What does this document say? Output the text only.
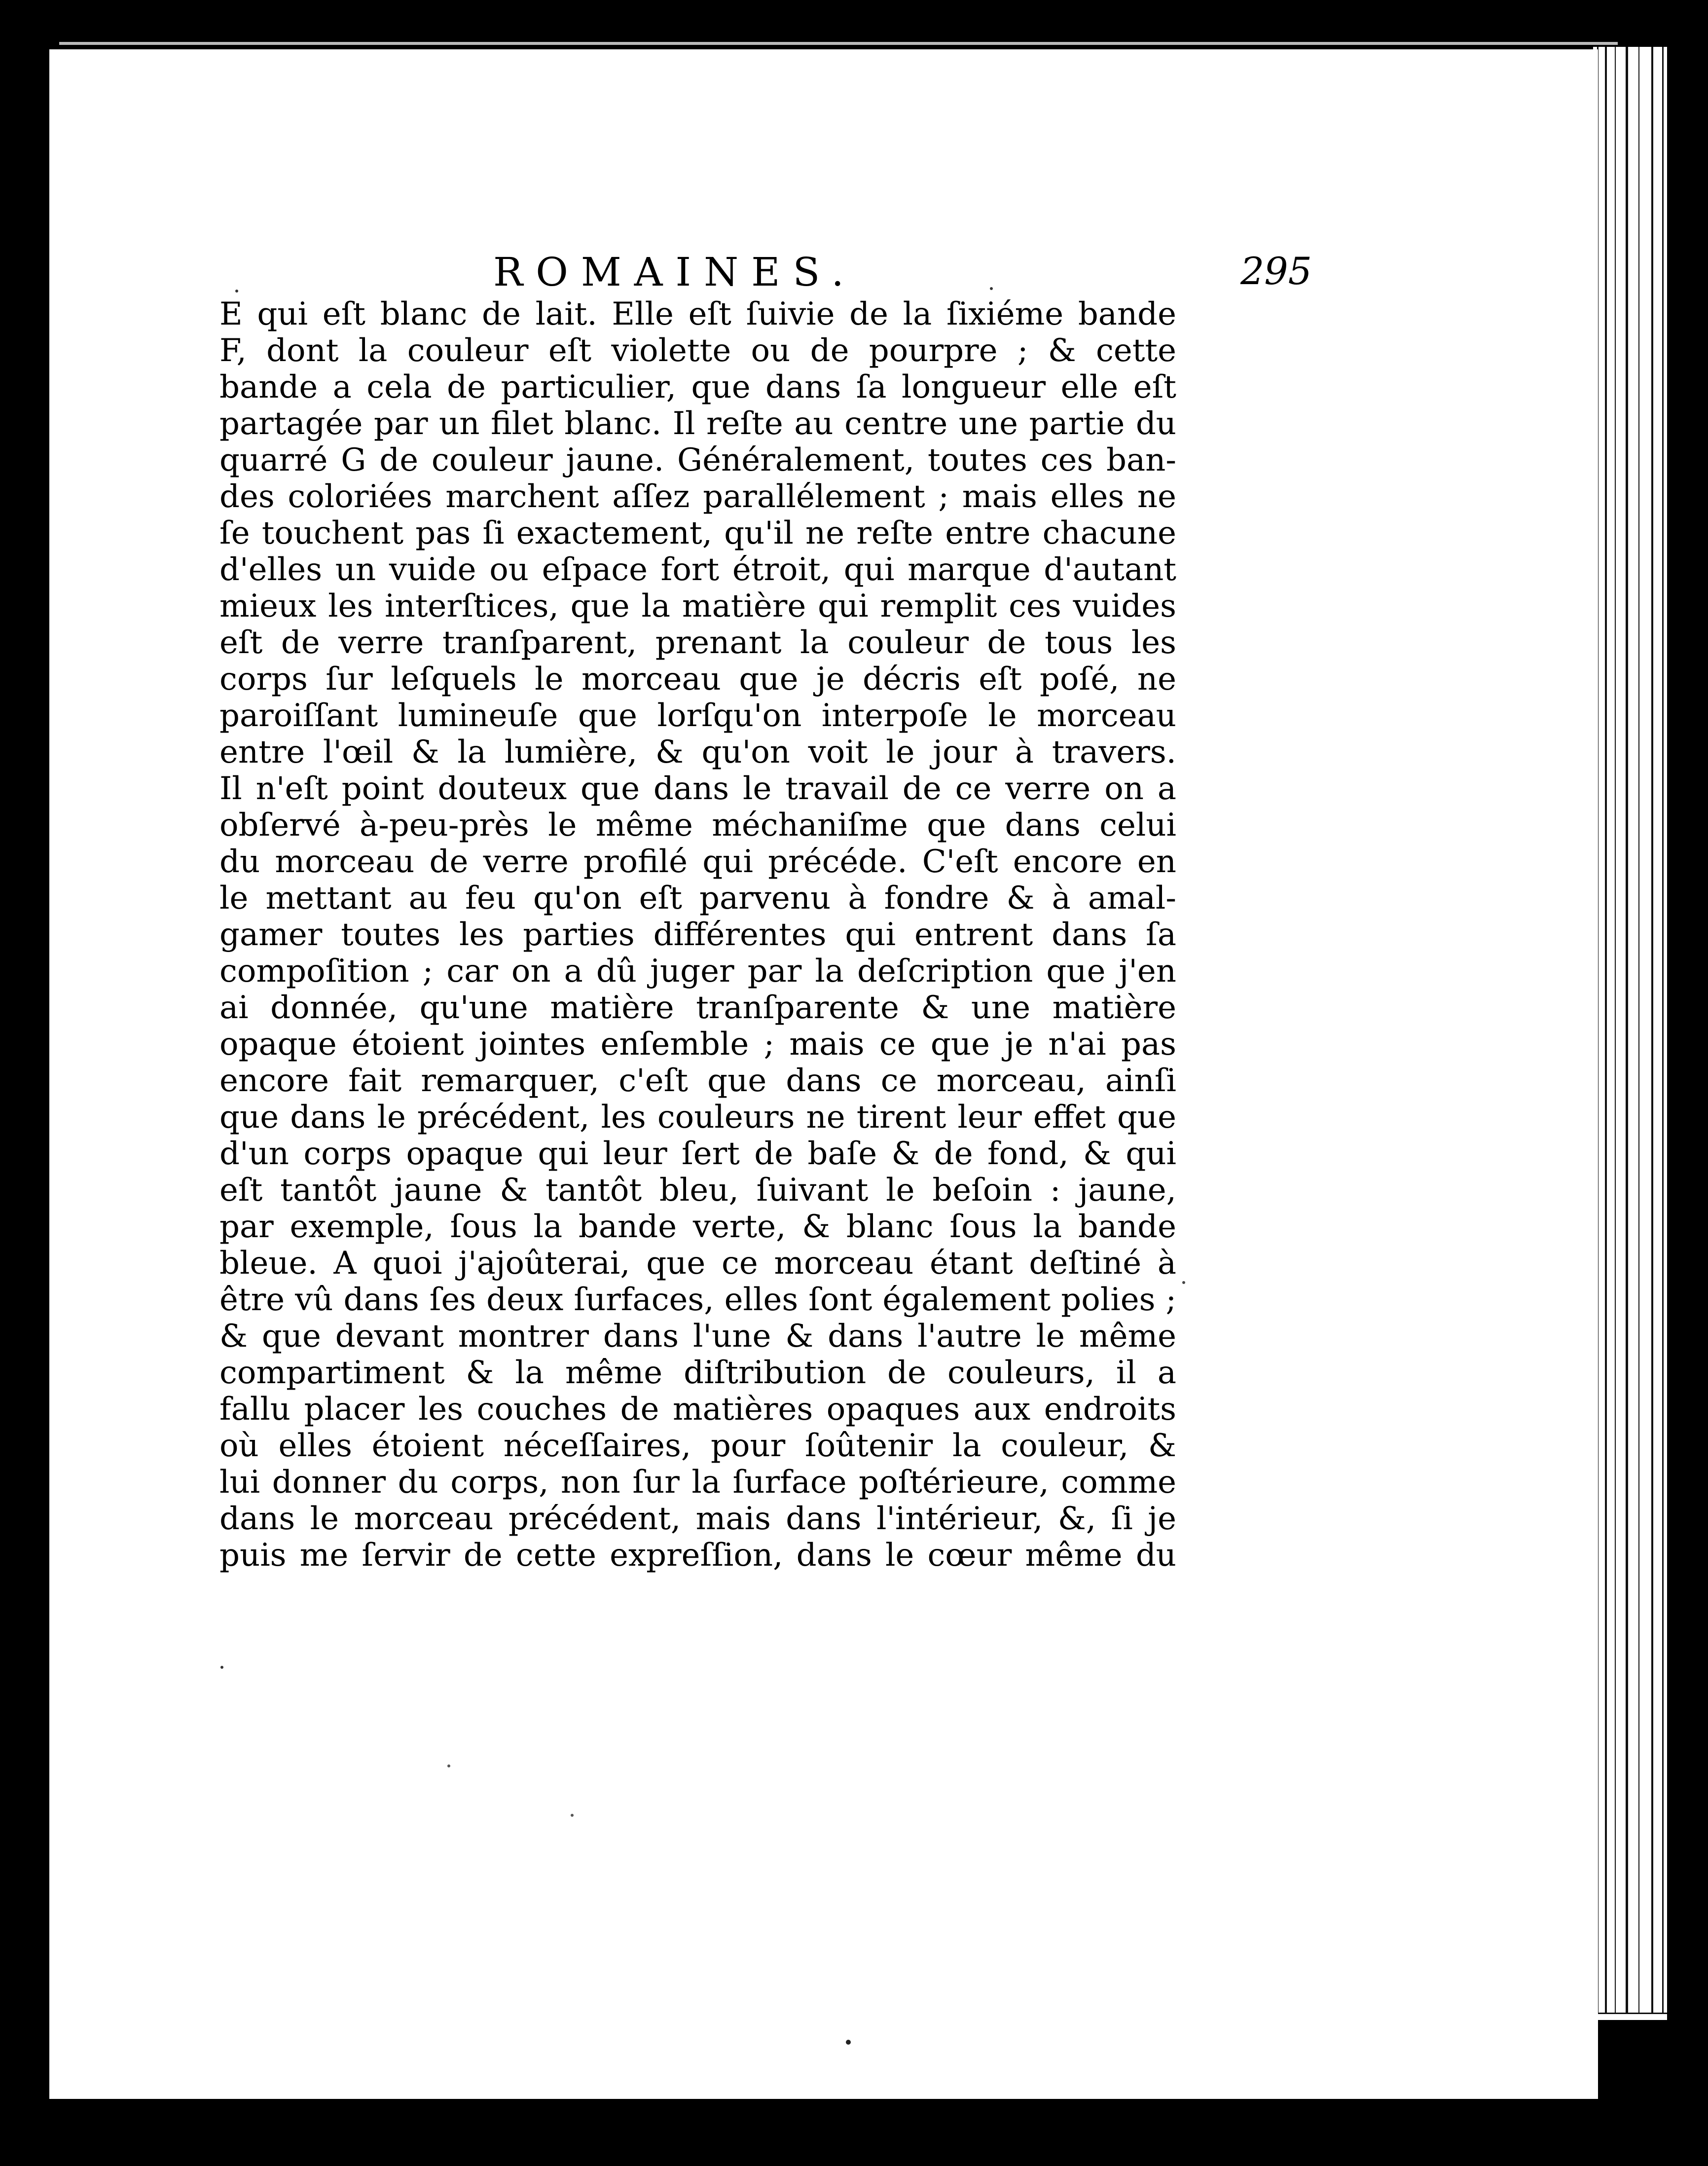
ROMAINES.	295
E qui eſt blanc de lait. Elle eſt ſuivie de la ſixiéme bande
F, dont la couleur eſt violette ou de pourpre ; & cette
bande a cela de particulier, que dans ſa longueur elle eſt
partagée par un filet blanc. Il reſte au centre une partie du
quarré G de couleur jaune. Généralement, toutes ces ban-
des coloriées marchent aſſez parallélement ; mais elles ne
ſe touchent pas ſi exactement, qu'il ne reſte entre chacune
d'elles un vuide ou eſpace fort étroit, qui marque d'autant
mieux les interſtices, que la matière qui remplit ces vuides
eſt de verre tranſparent, prenant la couleur de tous les
corps ſur leſquels le morceau que je décris eſt poſé, ne
paroiſſant lumineuſe que lorſqu'on interpoſe le morceau
entre l'œil & la lumière, & qu'on voit le jour à travers.
Il n'eſt point douteux que dans le travail de ce verre on a
obſervé à-peu-près le même méchaniſme que dans celui
du morceau de verre profilé qui précéde. C'eſt encore en
le mettant au feu qu'on eſt parvenu à fondre & à amal-
gamer toutes les parties différentes qui entrent dans ſa
compoſition ; car on a dû juger par la deſcription que j'en
ai donnée, qu'une matière tranſparente & une matière
opaque étoient jointes enſemble ; mais ce que je n'ai pas
encore fait remarquer, c'eſt que dans ce morceau, ainſi
que dans le précédent, les couleurs ne tirent leur effet que
d'un corps opaque qui leur ſert de baſe & de fond, & qui
eſt tantôt jaune & tantôt bleu, ſuivant le beſoin : jaune,
par exemple, ſous la bande verte, & blanc ſous la bande
bleue. A quoi j'ajoûterai, que ce morceau étant deſtiné à
être vû dans ſes deux ſurfaces, elles ſont également polies ;
& que devant montrer dans l'une & dans l'autre le même
compartiment & la même diſtribution de couleurs, il a
fallu placer les couches de matières opaques aux endroits
où elles étoient néceſſaires, pour ſoûtenir la couleur, &
lui donner du corps, non ſur la ſurface poſtérieure, comme
dans le morceau précédent, mais dans l'intérieur, &, ſi je
puis me ſervir de cette expreſſion, dans le cœur même du
